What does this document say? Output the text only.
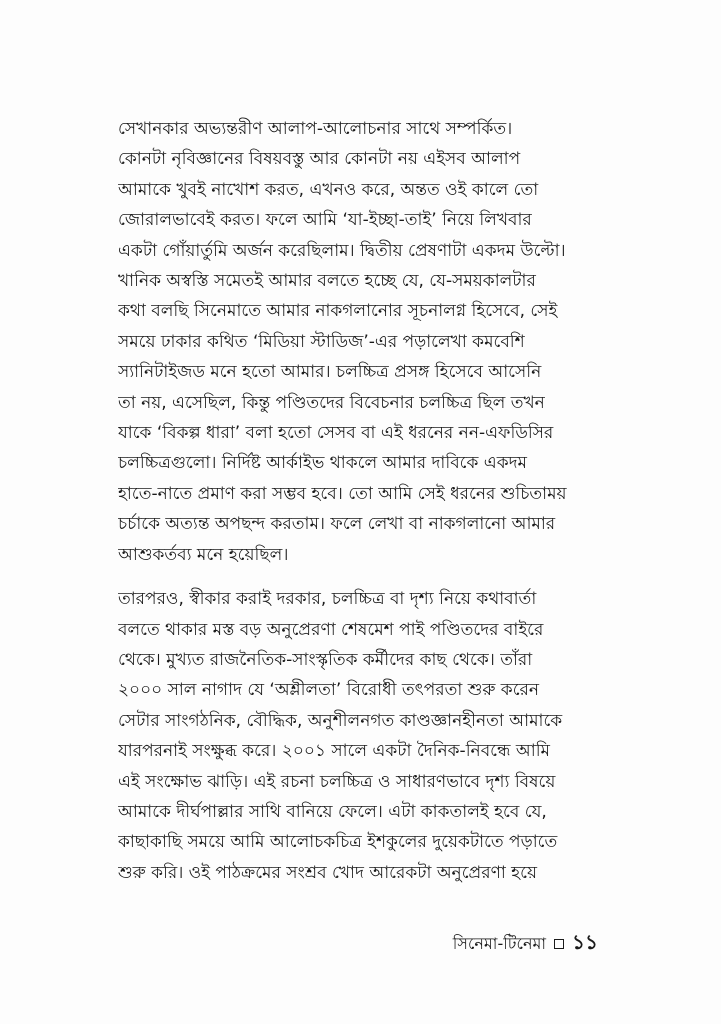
সেখানকার অভ্যন্তরীণ আলাপ-আলোচনার সাথে সম্পর্কিত।
কোনটা নৃবিজ্ঞানের বিষয়বস্তু আর কোনটা নয় এইসব আলাপ
আমাকে খুবই নাখোশ করত, এখনও করে, অন্তত ওই কালে তো
জোরালভাবেই করত। ফলে আমি ‘যা-ইচ্ছা-তাই’ নিয়ে লিখবার
একটা গোঁয়ার্তুমি অর্জন করেছিলাম। দ্বিতীয় প্রেষণাটা একদম উল্টো।
খানিক অস্বস্তি সমেতই আমার বলতে হচ্ছে যে, যে-সময়কালটার
কথা বলছি সিনেমাতে আমার নাকগলানোর সূচনালগ্ন হিসেবে, সেই
সময়ে ঢাকার কথিত ‘মিডিয়া স্টাডিজ’-এর পড়ালেখা কমবেশি
স্যানিটাইজড মনে হতো আমার। চলচ্চিত্র প্রসঙ্গ হিসেবে আসেনি
তা নয়, এসেছিল, কিন্তু পণ্ডিতদের বিবেচনার চলচ্চিত্র ছিল তখন
যাকে ‘বিকল্প ধারা’ বলা হতো সেসব বা এই ধরনের নন-এফডিসির
চলচ্চিত্রগুলো। নির্দিষ্ট আর্কাইভ থাকলে আমার দাবিকে একদম
হাতে-নাতে প্রমাণ করা সম্ভব হবে। তো আমি সেই ধরনের শুচিতাময়
চর্চাকে অত্যন্ত অপছন্দ করতাম। ফলে লেখা বা নাকগলানো আমার
আশুকর্তব্য মনে হয়েছিল।

তারপরও, স্বীকার করাই দরকার, চলচ্চিত্র বা দৃশ্য নিয়ে কথাবার্তা
বলতে থাকার মস্ত বড় অনুপ্রেরণা শেষমেশ পাই পণ্ডিতদের বাইরে
থেকে। মুখ্যত রাজনৈতিক-সাংস্কৃতিক কর্মীদের কাছ থেকে। তাঁরা
২০০০ সাল নাগাদ যে ‘অশ্লীলতা’ বিরোধী তৎপরতা শুরু করেন
সেটার সাংগঠনিক, বৌদ্ধিক, অনুশীলনগত কাণ্ডজ্ঞানহীনতা আমাকে
যারপরনাই সংক্ষুব্ধ করে। ২০০১ সালে একটা দৈনিক-নিবন্ধে আমি
এই সংক্ষোভ ঝাড়ি। এই রচনা চলচ্চিত্র ও সাধারণভাবে দৃশ্য বিষয়ে
আমাকে দীর্ঘপাল্লার সাথি বানিয়ে ফেলে। এটা কাকতালই হবে যে,
কাছাকাছি সময়ে আমি আলোচকচিত্র ইশকুলের দুয়েকটাতে পড়াতে
শুরু করি। ওই পাঠক্রমের সংশ্রব খোদ আরেকটা অনুপ্রেরণা হয়ে

সিনেমা-টিনেমা ১১
